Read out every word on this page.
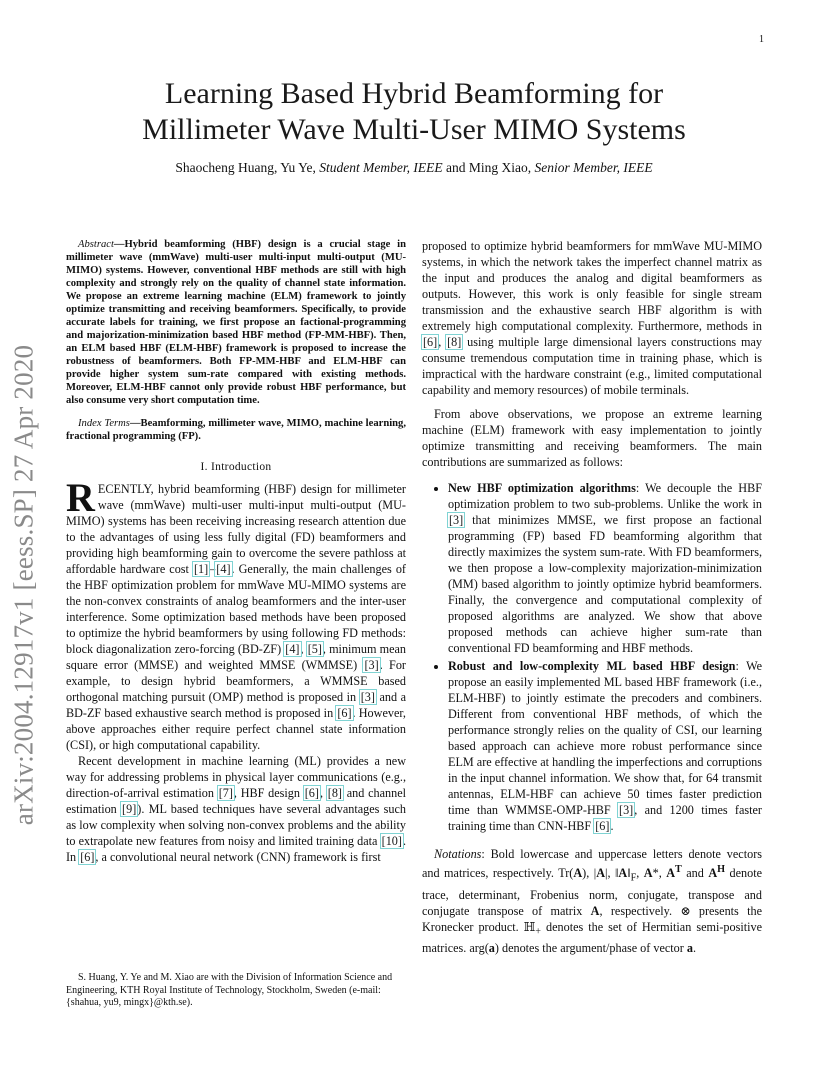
1
arXiv:2004.12917v1 [eess.SP] 27 Apr 2020
Learning Based Hybrid Beamforming for
Millimeter Wave Multi-User MIMO Systems
Shaocheng Huang, Yu Ye, Student Member, IEEE and Ming Xiao, Senior Member, IEEE

Abstract—Hybrid beamforming (HBF) design is a crucial stage in millimeter wave (mmWave) multi-user multi-input multi-output (MU-MIMO) systems. However, conventional HBF methods are still with high complexity and strongly rely on the quality of channel state information. We propose an extreme learning machine (ELM) framework to jointly optimize transmitting and receiving beamformers. Specifically, to provide accurate labels for training, we first propose an factional-programming and majorization-minimization based HBF method (FP-MM-HBF). Then, an ELM based HBF (ELM-HBF) framework is proposed to increase the robustness of beamformers. Both FP-MM-HBF and ELM-HBF can provide higher system sum-rate compared with existing methods. Moreover, ELM-HBF cannot only provide robust HBF performance, but also consume very short computation time.

Index Terms—Beamforming, millimeter wave, MIMO, machine learning, fractional programming (FP).

I. Introduction

RECENTLY, hybrid beamforming (HBF) design for millimeter wave (mmWave) multi-user multi-input multi-output (MU-MIMO) systems has been receiving increasing research attention due to the advantages of using less fully digital (FD) beamformers and providing high beamforming gain to overcome the severe pathloss at affordable hardware cost [1]–[4]. Generally, the main challenges of the HBF optimization problem for mmWave MU-MIMO systems are the non-convex constraints of analog beamformers and the inter-user interference. Some optimization based methods have been proposed to optimize the hybrid beamformers by using following FD methods: block diagonalization zero-forcing (BD-ZF) [4], [5], minimum mean square error (MMSE) and weighted MMSE (WMMSE) [3]. For example, to design hybrid beamformers, a WMMSE based orthogonal matching pursuit (OMP) method is proposed in [3] and a BD-ZF based exhaustive search method is proposed in [6]. However, above approaches either require perfect channel state information (CSI), or high computational capability.

Recent development in machine learning (ML) provides a new way for addressing problems in physical layer communications (e.g., direction-of-arrival estimation [7], HBF design [6], [8] and channel estimation [9]). ML based techniques have several advantages such as low complexity when solving non-convex problems and the ability to extrapolate new features from noisy and limited training data [10]. In [6], a convolutional neural network (CNN) framework is first

S. Huang, Y. Ye and M. Xiao are with the Division of Information Science and Engineering, KTH Royal Institute of Technology, Stockholm, Sweden (e-mail: {shahua, yu9, mingx}@kth.se).

proposed to optimize hybrid beamformers for mmWave MU-MIMO systems, in which the network takes the imperfect channel matrix as the input and produces the analog and digital beamformers as outputs. However, this work is only feasible for single stream transmission and the exhaustive search HBF algorithm is with extremely high computational complexity. Furthermore, methods in [6], [8] using multiple large dimensional layers constructions may consume tremendous computation time in training phase, which is impractical with the hardware constraint (e.g., limited computational capability and memory resources) of mobile terminals.

From above observations, we propose an extreme learning machine (ELM) framework with easy implementation to jointly optimize transmitting and receiving beamformers. The main contributions are summarized as follows:

• New HBF optimization algorithms: We decouple the HBF optimization problem to two sub-problems. Unlike the work in [3] that minimizes MMSE, we first propose an factional programming (FP) based FD beamforming algorithm that directly maximizes the system sum-rate. With FD beamformers, we then propose a low-complexity majorization-minimization (MM) based algorithm to jointly optimize hybrid beamformers. Finally, the convergence and computational complexity of proposed algorithms are analyzed. We show that above proposed methods can achieve higher sum-rate than conventional FD beamforming and HBF methods.
• Robust and low-complexity ML based HBF design: We propose an easily implemented ML based HBF framework (i.e., ELM-HBF) to jointly estimate the precoders and combiners. Different from conventional HBF methods, of which the performance strongly relies on the quality of CSI, our learning based approach can achieve more robust performance since ELM are effective at handling the imperfections and corruptions in the input channel information. We show that, for 64 transmit antennas, ELM-HBF can achieve 50 times faster prediction time than WMMSE-OMP-HBF [3], and 1200 times faster training time than CNN-HBF [6].

Notations: Bold lowercase and uppercase letters denote vectors and matrices, respectively. Tr(A), |A|, $‖A‖_F$, A*, $A^T$ and $A^H$ denote trace, determinant, Frobenius norm, conjugate, transpose and conjugate transpose of matrix A, respectively. ⊗ presents the Kronecker product. ℍ$_+$ denotes the set of Hermitian semi-positive matrices. arg(a) denotes the argument/phase of vector a.
